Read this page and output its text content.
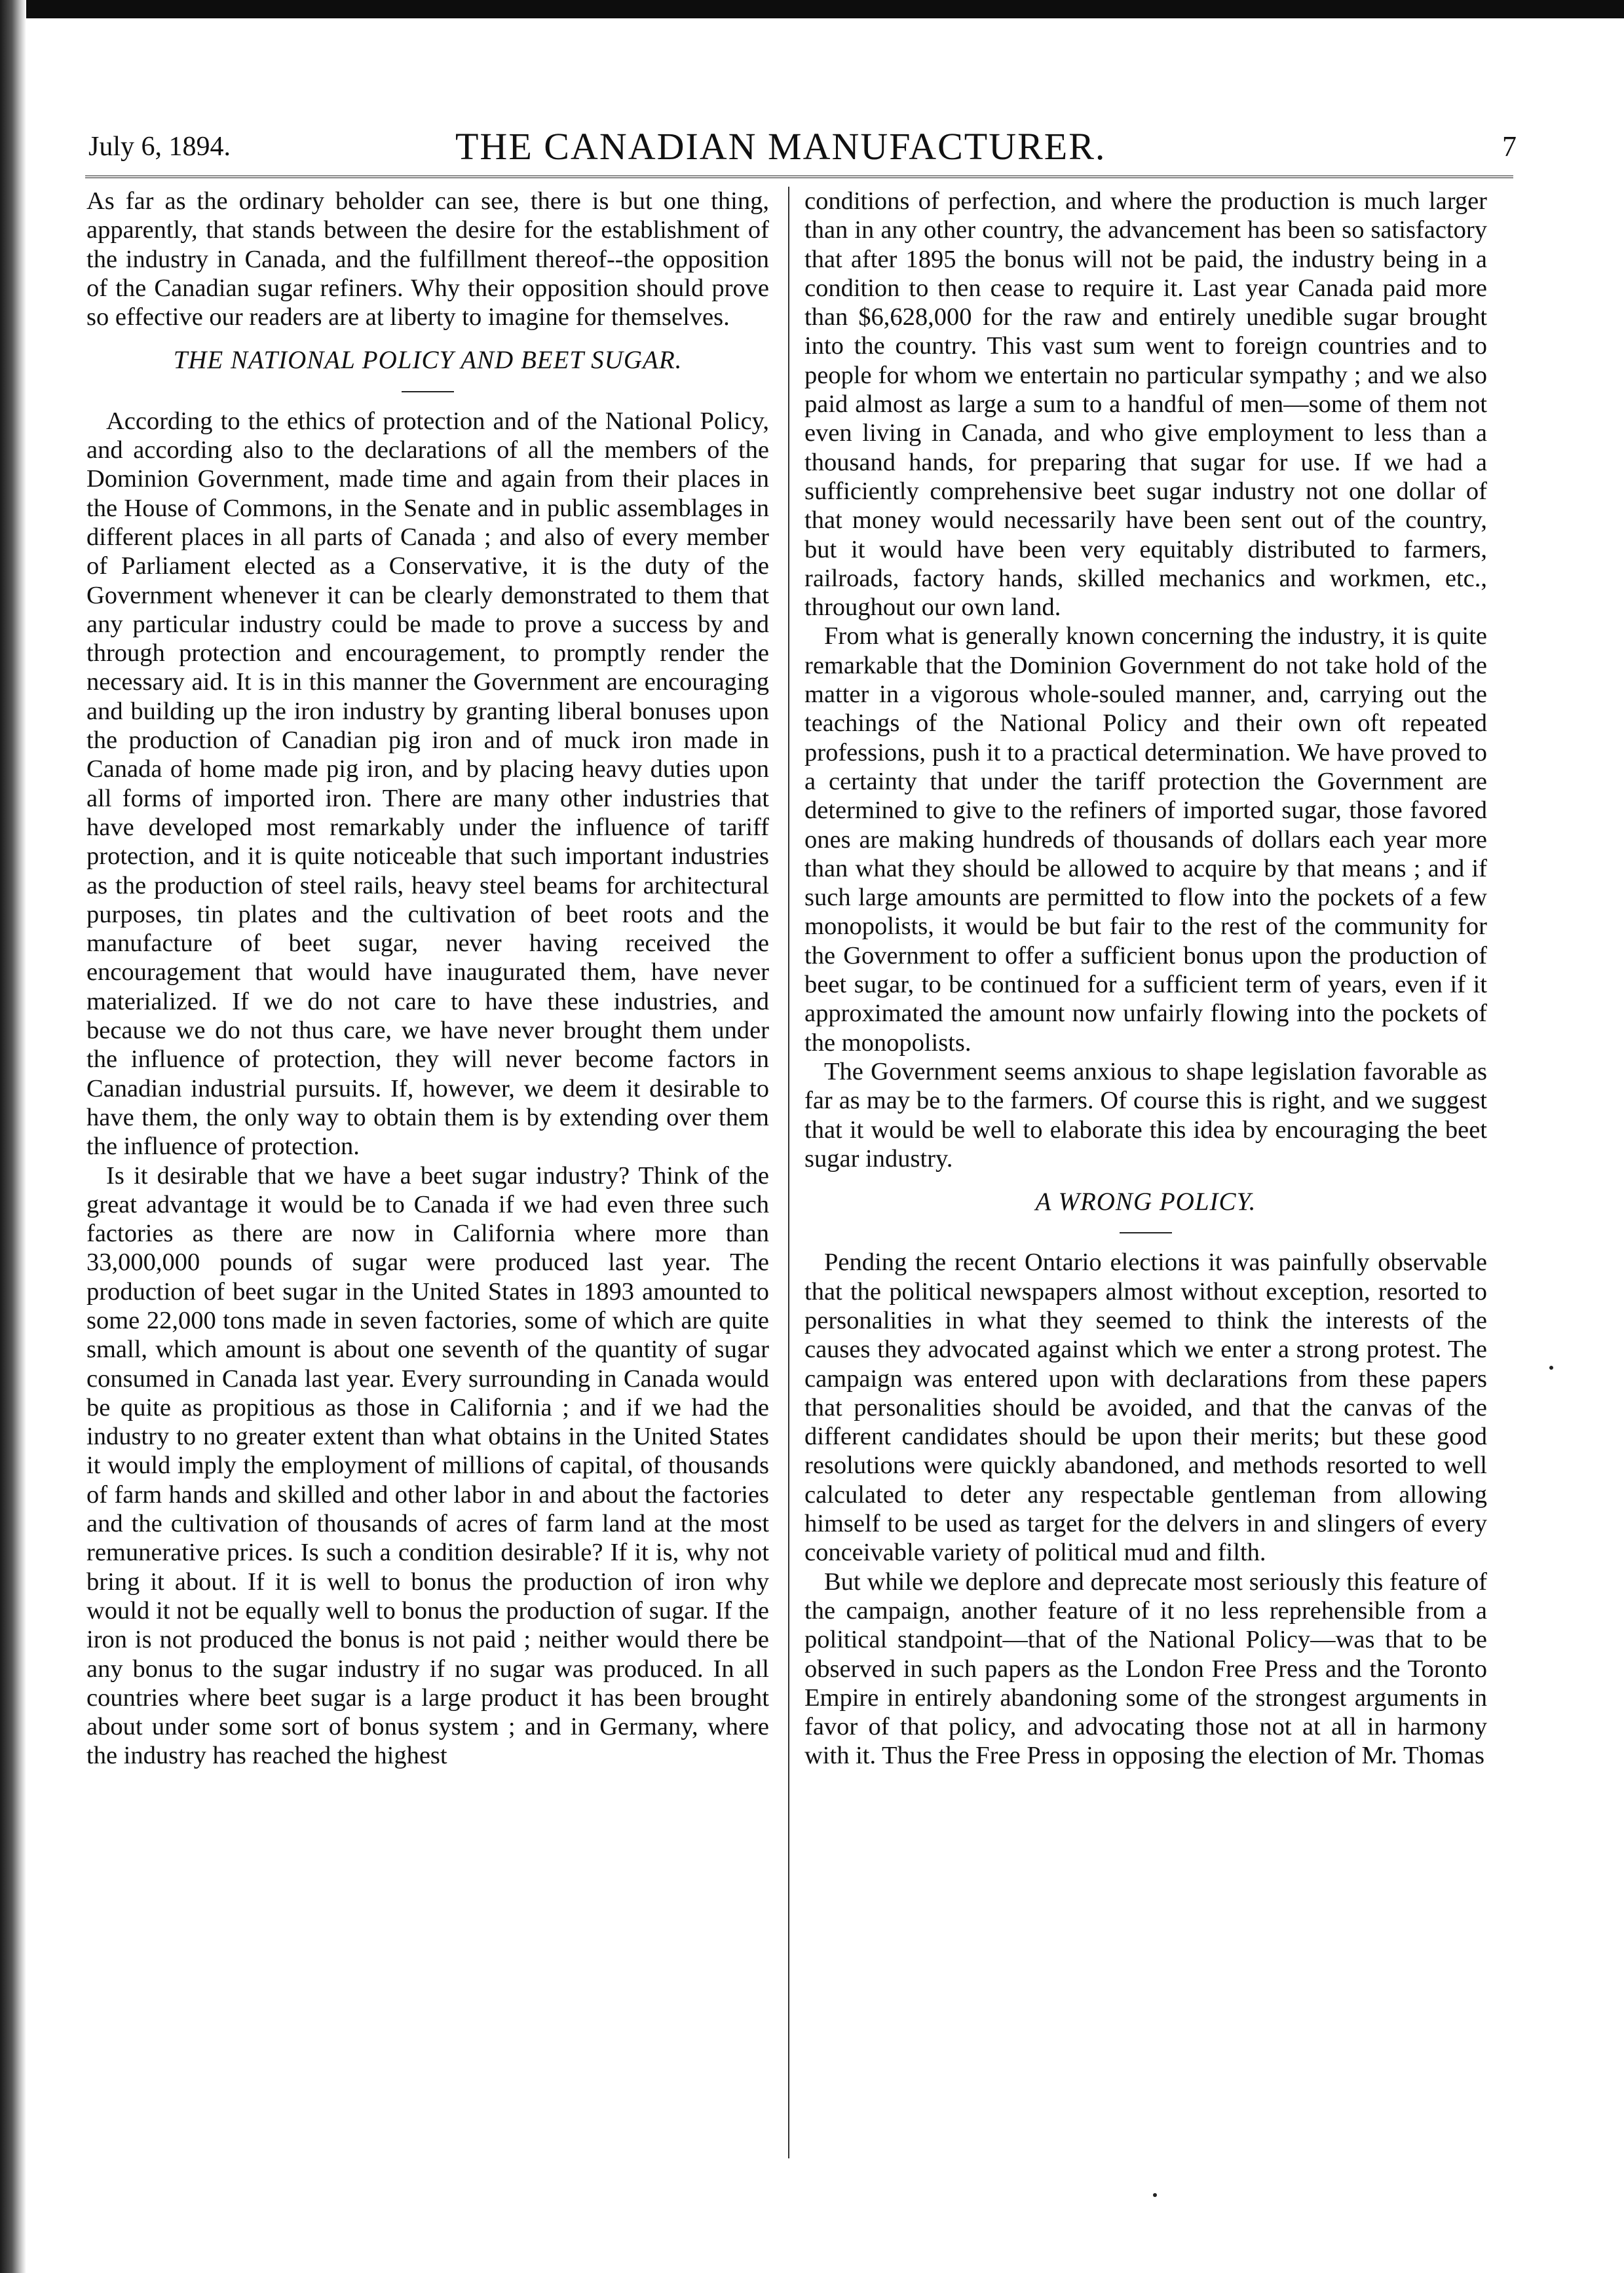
July 6, 1894.	THE CANADIAN MANUFACTURER.	7

As far as the ordinary beholder can see, there is but one thing, apparently, that stands between the desire for the establishment of the industry in Canada, and the fulfillment thereof--the opposition of the Canadian sugar refiners. Why their opposition should prove so effective our readers are at liberty to imagine for themselves.

THE NATIONAL POLICY AND BEET SUGAR.

According to the ethics of protection and of the National Policy, and according also to the declarations of all the members of the Dominion Government, made time and again from their places in the House of Commons, in the Senate and in public assemblages in different places in all parts of Canada ; and also of every member of Parliament elected as a Conservative, it is the duty of the Government whenever it can be clearly demonstrated to them that any particular industry could be made to prove a success by and through protection and encouragement, to promptly render the necessary aid. It is in this manner the Government are encouraging and building up the iron industry by granting liberal bonuses upon the production of Canadian pig iron and of muck iron made in Canada of home made pig iron, and by placing heavy duties upon all forms of imported iron. There are many other industries that have developed most remarkably under the influence of tariff protection, and it is quite noticeable that such important industries as the production of steel rails, heavy steel beams for architectural purposes, tin plates and the cultivation of beet roots and the manufacture of beet sugar, never having received the encouragement that would have inaugurated them, have never materialized. If we do not care to have these industries, and because we do not thus care, we have never brought them under the influence of protection, they will never become factors in Canadian industrial pursuits. If, however, we deem it desirable to have them, the only way to obtain them is by extending over them the influence of protection.

Is it desirable that we have a beet sugar industry? Think of the great advantage it would be to Canada if we had even three such factories as there are now in California where more than 33,000,000 pounds of sugar were produced last year. The production of beet sugar in the United States in 1893 amounted to some 22,000 tons made in seven factories, some of which are quite small, which amount is about one seventh of the quantity of sugar consumed in Canada last year. Every surrounding in Canada would be quite as propitious as those in California ; and if we had the industry to no greater extent than what obtains in the United States it would imply the employment of millions of capital, of thousands of farm hands and skilled and other labor in and about the factories and the cultivation of thousands of acres of farm land at the most remunerative prices. Is such a condition desirable? If it is, why not bring it about. If it is well to bonus the production of iron why would it not be equally well to bonus the production of sugar. If the iron is not produced the bonus is not paid ; neither would there be any bonus to the sugar industry if no sugar was produced. In all countries where beet sugar is a large product it has been brought about under some sort of bonus system ; and in Germany, where the industry has reached the highest

conditions of perfection, and where the production is much larger than in any other country, the advancement has been so satisfactory that after 1895 the bonus will not be paid, the industry being in a condition to then cease to require it. Last year Canada paid more than $6,628,000 for the raw and entirely unedible sugar brought into the country. This vast sum went to foreign countries and to people for whom we entertain no particular sympathy ; and we also paid almost as large a sum to a handful of men—some of them not even living in Canada, and who give employment to less than a thousand hands, for preparing that sugar for use. If we had a sufficiently comprehensive beet sugar industry not one dollar of that money would necessarily have been sent out of the country, but it would have been very equitably distributed to farmers, railroads, factory hands, skilled mechanics and workmen, etc., throughout our own land.

From what is generally known concerning the industry, it is quite remarkable that the Dominion Government do not take hold of the matter in a vigorous whole-souled manner, and, carrying out the teachings of the National Policy and their own oft repeated professions, push it to a practical determination. We have proved to a certainty that under the tariff protection the Government are determined to give to the refiners of imported sugar, those favored ones are making hundreds of thousands of dollars each year more than what they should be allowed to acquire by that means ; and if such large amounts are permitted to flow into the pockets of a few monopolists, it would be but fair to the rest of the community for the Government to offer a sufficient bonus upon the production of beet sugar, to be continued for a sufficient term of years, even if it approximated the amount now unfairly flowing into the pockets of the monopolists.

The Government seems anxious to shape legislation favorable as far as may be to the farmers. Of course this is right, and we suggest that it would be well to elaborate this idea by encouraging the beet sugar industry.

A WRONG POLICY.

Pending the recent Ontario elections it was painfully observable that the political newspapers almost without exception, resorted to personalities in what they seemed to think the interests of the causes they advocated against which we enter a strong protest. The campaign was entered upon with declarations from these papers that personalities should be avoided, and that the canvas of the different candidates should be upon their merits; but these good resolutions were quickly abandoned, and methods resorted to well calculated to deter any respectable gentleman from allowing himself to be used as target for the delvers in and slingers of every conceivable variety of political mud and filth.

But while we deplore and deprecate most seriously this feature of the campaign, another feature of it no less reprehensible from a political standpoint—that of the National Policy—was that to be observed in such papers as the London Free Press and the Toronto Empire in entirely abandoning some of the strongest arguments in favor of that policy, and advocating those not at all in harmony with it. Thus the Free Press in opposing the election of Mr. Thomas
